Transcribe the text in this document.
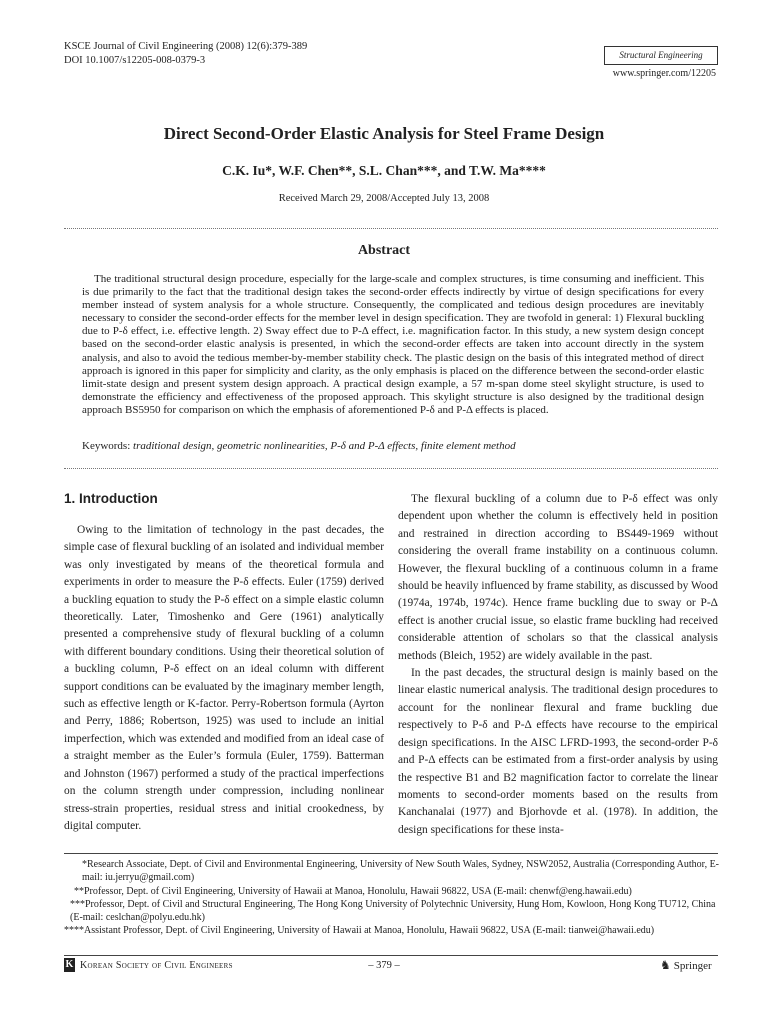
KSCE Journal of Civil Engineering (2008) 12(6):379-389
DOI 10.1007/s12205-008-0379-3	Structural Engineering
www.springer.com/12205
Direct Second-Order Elastic Analysis for Steel Frame Design
C.K. Iu*, W.F. Chen**, S.L. Chan***, and T.W. Ma****
Received March 29, 2008/Accepted July 13, 2008
Abstract

The traditional structural design procedure, especially for the large-scale and complex structures, is time consuming and inefficient. This is due primarily to the fact that the traditional design takes the second-order effects indirectly by virtue of design specifications for every member instead of system analysis for a whole structure. Consequently, the complicated and tedious design procedures are inevitably necessary to consider the second-order effects for the member level in design specification. They are twofold in general: 1) Flexural buckling due to P-δ effect, i.e. effective length. 2) Sway effect due to P-Δ effect, i.e. magnification factor. In this study, a new system design concept based on the second-order elastic analysis is presented, in which the second-order effects are taken into account directly in the system analysis, and also to avoid the tedious member-by-member stability check. The plastic design on the basis of this integrated method of direct approach is ignored in this paper for simplicity and clarity, as the only emphasis is placed on the difference between the second-order elastic limit-state design and present system design approach. A practical design example, a 57 m-span dome steel skylight structure, is used to demonstrate the efficiency and effectiveness of the proposed approach. This skylight structure is also designed by the traditional design approach BS5950 for comparison on which the emphasis of aforementioned P-δ and P-Δ effects is placed.

Keywords: traditional design, geometric nonlinearities, P-δ and P-Δ effects, finite element method

1. Introduction

Owing to the limitation of technology in the past decades, the simple case of flexural buckling of an isolated and individual member was only investigated by means of the theoretical formula and experiments in order to measure the P-δ effects. Euler (1759) derived a buckling equation to study the P-δ effect on a simple elastic column theoretically. Later, Timoshenko and Gere (1961) analytically presented a comprehensive study of flexural buckling of a column with different boundary conditions. Using their theoretical solution of a buckling column, P-δ effect on an ideal column with different support conditions can be evaluated by the imaginary member length, such as effective length or K-factor. Perry-Robertson formula (Ayrton and Perry, 1886; Robertson, 1925) was used to include an initial imperfection, which was extended and modified from an ideal case of a straight member as the Euler’s formula (Euler, 1759). Batterman and Johnston (1967) performed a study of the practical imperfections on the column strength under compression, including nonlinear stress-strain properties, residual stress and initial crookedness, by digital computer.

The flexural buckling of a column due to P-δ effect was only dependent upon whether the column is effectively held in position and restrained in direction according to BS449-1969 without considering the overall frame instability on a continuous column. However, the flexural buckling of a continuous column in a frame should be heavily influenced by frame stability, as discussed by Wood (1974a, 1974b, 1974c). Hence frame buckling due to sway or P-Δ effect is another crucial issue, so elastic frame buckling had received considerable attention of scholars so that the classical analysis methods (Bleich, 1952) are widely available in the past.

In the past decades, the structural design is mainly based on the linear elastic numerical analysis. The traditional design procedures to account for the nonlinear flexural and frame buckling due respectively to P-δ and P-Δ effects have recourse to the empirical design specifications. In the AISC LFRD-1993, the second-order P-δ and P-Δ effects can be estimated from a first-order analysis by using the respective B1 and B2 magnification factor to correlate the linear moments to second-order moments based on the results from Kanchanalai (1977) and Bjorhovde et al. (1978). In addition, the design specifications for these insta-

*Research Associate, Dept. of Civil and Environmental Engineering, University of New South Wales, Sydney, NSW2052, Australia (Corresponding Author, E-mail: iu.jerryu@gmail.com)
**Professor, Dept. of Civil Engineering, University of Hawaii at Manoa, Honolulu, Hawaii 96822, USA (E-mail: chenwf@eng.hawaii.edu)
***Professor, Dept. of Civil and Structural Engineering, The Hong Kong University of Polytechnic University, Hung Hom, Kowloon, Hong Kong TU712, China (E-mail: ceslchan@polyu.edu.hk)
****Assistant Professor, Dept. of Civil Engineering, University of Hawaii at Manoa, Honolulu, Hawaii 96822, USA (E-mail: tianwei@hawaii.edu)
K Korean Society of Civil Engineers	– 379 –	♞ Springer
